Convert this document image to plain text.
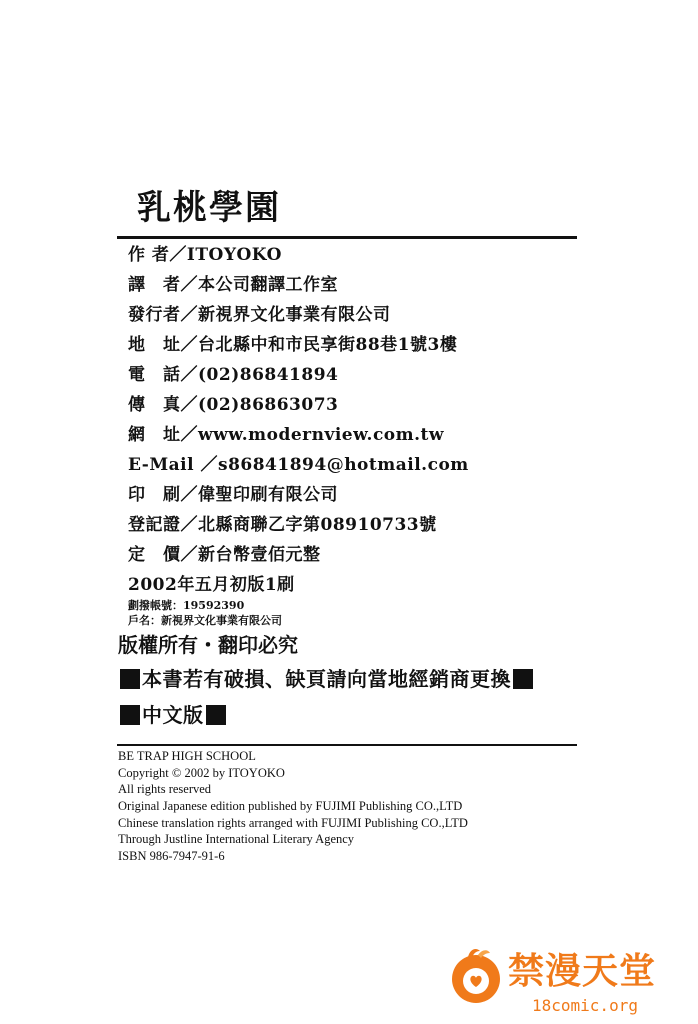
乳桃學園
作 者／ITOYOKO
譯　者／本公司翻譯工作室
發行者／新視界文化事業有限公司
地　址／台北縣中和市民享街88巷1號3樓
電　話／(02)86841894
傳　真／(02)86863073
網　址／www.modernview.com.tw
E-Mail ／s86841894@hotmail.com
印　刷／偉聖印刷有限公司
登記證／北縣商聯乙字第08910733號
定　價／新台幣壹佰元整
2002年五月初版1刷
劃撥帳號：19592390
戶名：新視界文化事業有限公司
版權所有・翻印必究
本書若有破損、缺頁請向當地經銷商更換
中文版
BE TRAP HIGH SCHOOL
Copyright © 2002 by ITOYOKO
All rights reserved
Original Japanese edition published by FUJIMI Publishing CO.,LTD
Chinese translation rights arranged with FUJIMI Publishing CO.,LTD
Through Justline International Literary Agency
ISBN 986-7947-91-6
禁漫天堂
18comic.org
